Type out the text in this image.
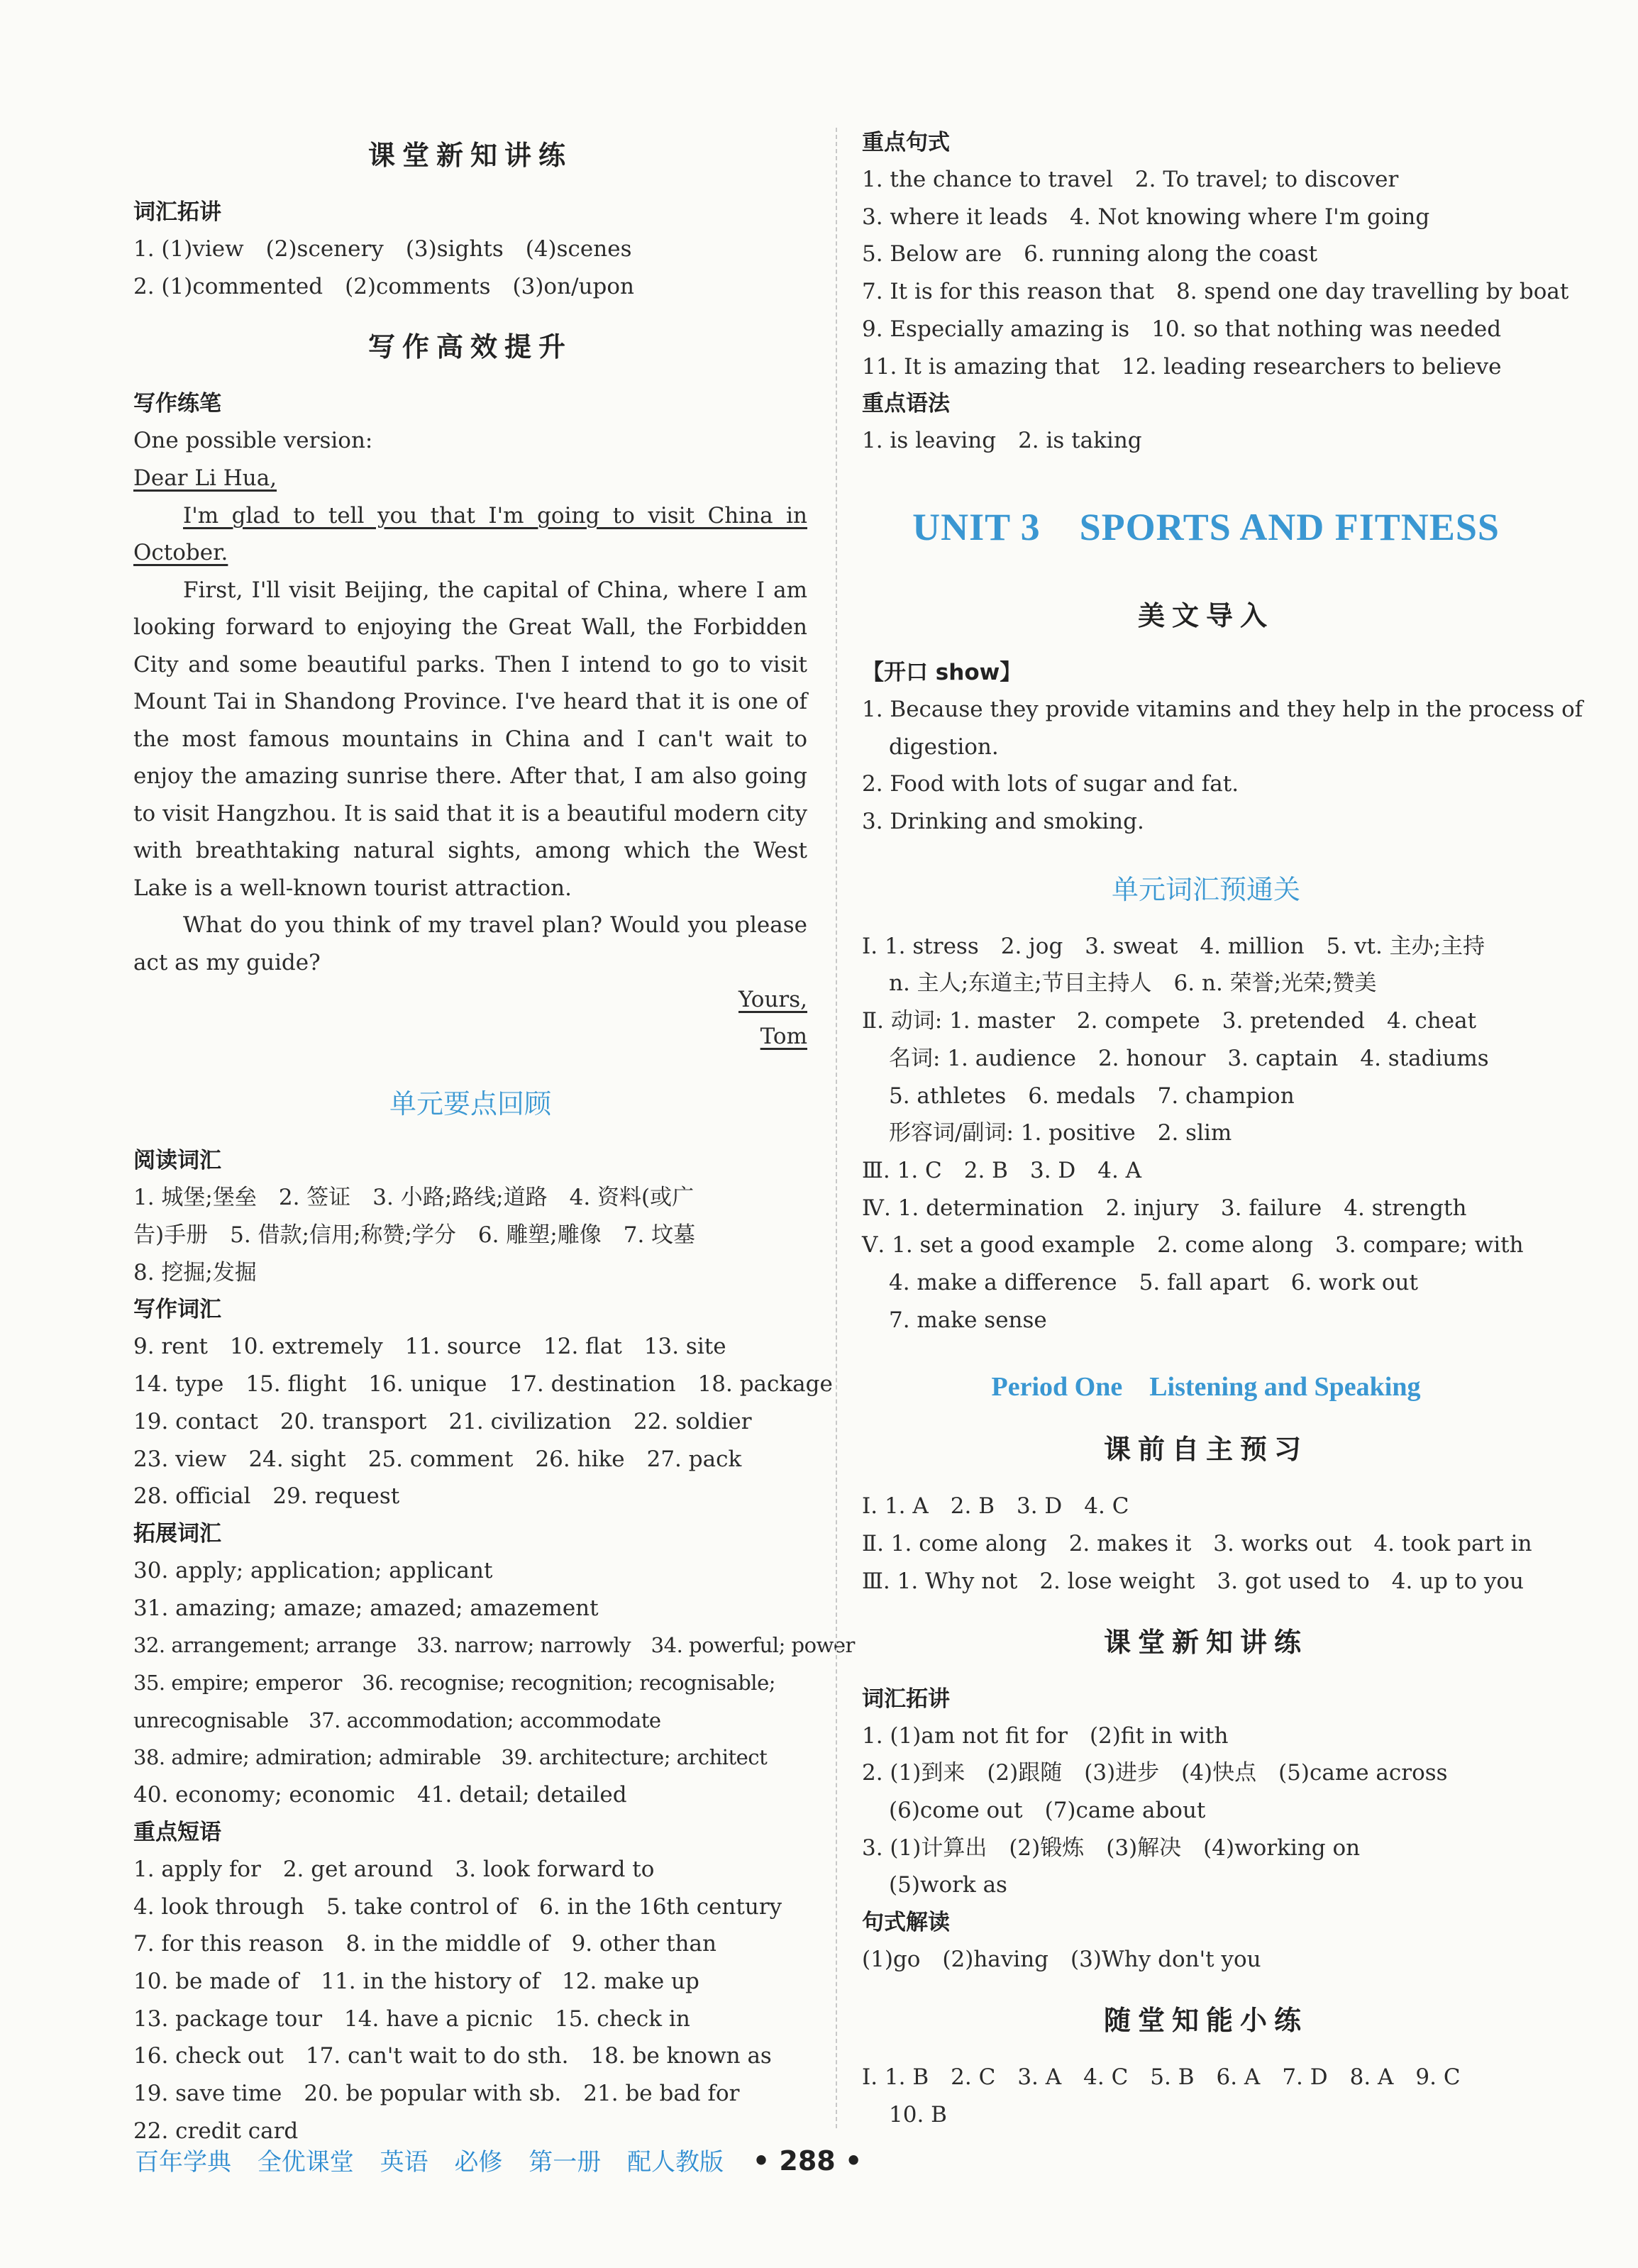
课堂新知讲练
词汇拓讲
1. (1)view　(2)scenery　(3)sights　(4)scenes
2. (1)commented　(2)comments　(3)on/upon
写作高效提升
写作练笔
One possible version:
Dear Li Hua,
I'm glad to tell you that I'm going to visit China in October.
First, I'll visit Beijing, the capital of China, where I am looking forward to enjoying the Great Wall, the Forbidden City and some beautiful parks. Then I intend to go to visit Mount Tai in Shandong Province. I've heard that it is one of the most famous mountains in China and I can't wait to enjoy the amazing sunrise there. After that, I am also going to visit Hangzhou. It is said that it is a beautiful modern city with breathtaking natural sights, among which the West Lake is a well-known tourist attraction.
What do you think of my travel plan? Would you please act as my guide?
Yours,
Tom
单元要点回顾
阅读词汇
1. 城堡;堡垒　2. 签证　3. 小路;路线;道路　4. 资料(或广
告)手册　5. 借款;信用;称赞;学分　6. 雕塑;雕像　7. 坟墓
8. 挖掘;发掘
写作词汇
9. rent　10. extremely　11. source　12. flat　13. site
14. type　15. flight　16. unique　17. destination　18. package
19. contact　20. transport　21. civilization　22. soldier
23. view　24. sight　25. comment　26. hike　27. pack
28. official　29. request
拓展词汇
30. apply; application; applicant
31. amazing; amaze; amazed; amazement
32. arrangement; arrange　33. narrow; narrowly　34. powerful; power
35. empire; emperor　36. recognise; recognition; recognisable;
unrecognisable　37. accommodation; accommodate
38. admire; admiration; admirable　39. architecture; architect
40. economy; economic　41. detail; detailed
重点短语
1. apply for　2. get around　3. look forward to
4. look through　5. take control of　6. in the 16th century
7. for this reason　8. in the middle of　9. other than
10. be made of　11. in the history of　12. make up
13. package tour　14. have a picnic　15. check in
16. check out　17. can't wait to do sth.　18. be known as
19. save time　20. be popular with sb.　21. be bad for
22. credit card
重点句式
1. the chance to travel　2. To travel; to discover
3. where it leads　4. Not knowing where I'm going
5. Below are　6. running along the coast
7. It is for this reason that　8. spend one day travelling by boat
9. Especially amazing is　10. so that nothing was needed
11. It is amazing that　12. leading researchers to believe
重点语法
1. is leaving　2. is taking
UNIT 3　SPORTS AND FITNESS
美文导入
【开口 show】
1. Because they provide vitamins and they help in the process of
digestion.
2. Food with lots of sugar and fat.
3. Drinking and smoking.
单元词汇预通关
Ⅰ. 1. stress　2. jog　3. sweat　4. million　5. vt. 主办;主持
n. 主人;东道主;节目主持人　6. n. 荣誉;光荣;赞美
Ⅱ. 动词: 1. master　2. compete　3. pretended　4. cheat
名词: 1. audience　2. honour　3. captain　4. stadiums
5. athletes　6. medals　7. champion
形容词/副词: 1. positive　2. slim
Ⅲ. 1. C　2. B　3. D　4. A
Ⅳ. 1. determination　2. injury　3. failure　4. strength
Ⅴ. 1. set a good example　2. come along　3. compare; with
4. make a difference　5. fall apart　6. work out
7. make sense
Period One　Listening and Speaking
课前自主预习
Ⅰ. 1. A　2. B　3. D　4. C
Ⅱ. 1. come along　2. makes it　3. works out　4. took part in
Ⅲ. 1. Why not　2. lose weight　3. got used to　4. up to you
课堂新知讲练
词汇拓讲
1. (1)am not fit for　(2)fit in with
2. (1)到来　(2)跟随　(3)进步　(4)快点　(5)came across
(6)come out　(7)came about
3. (1)计算出　(2)锻炼　(3)解决　(4)working on
(5)work as
句式解读
(1)go　(2)having　(3)Why don't you
随堂知能小练
Ⅰ. 1. B　2. C　3. A　4. C　5. B　6. A　7. D　8. A　9. C
10. B
百年学典 全优课堂 英语 必修 第一册 配人教版 • 288 •
